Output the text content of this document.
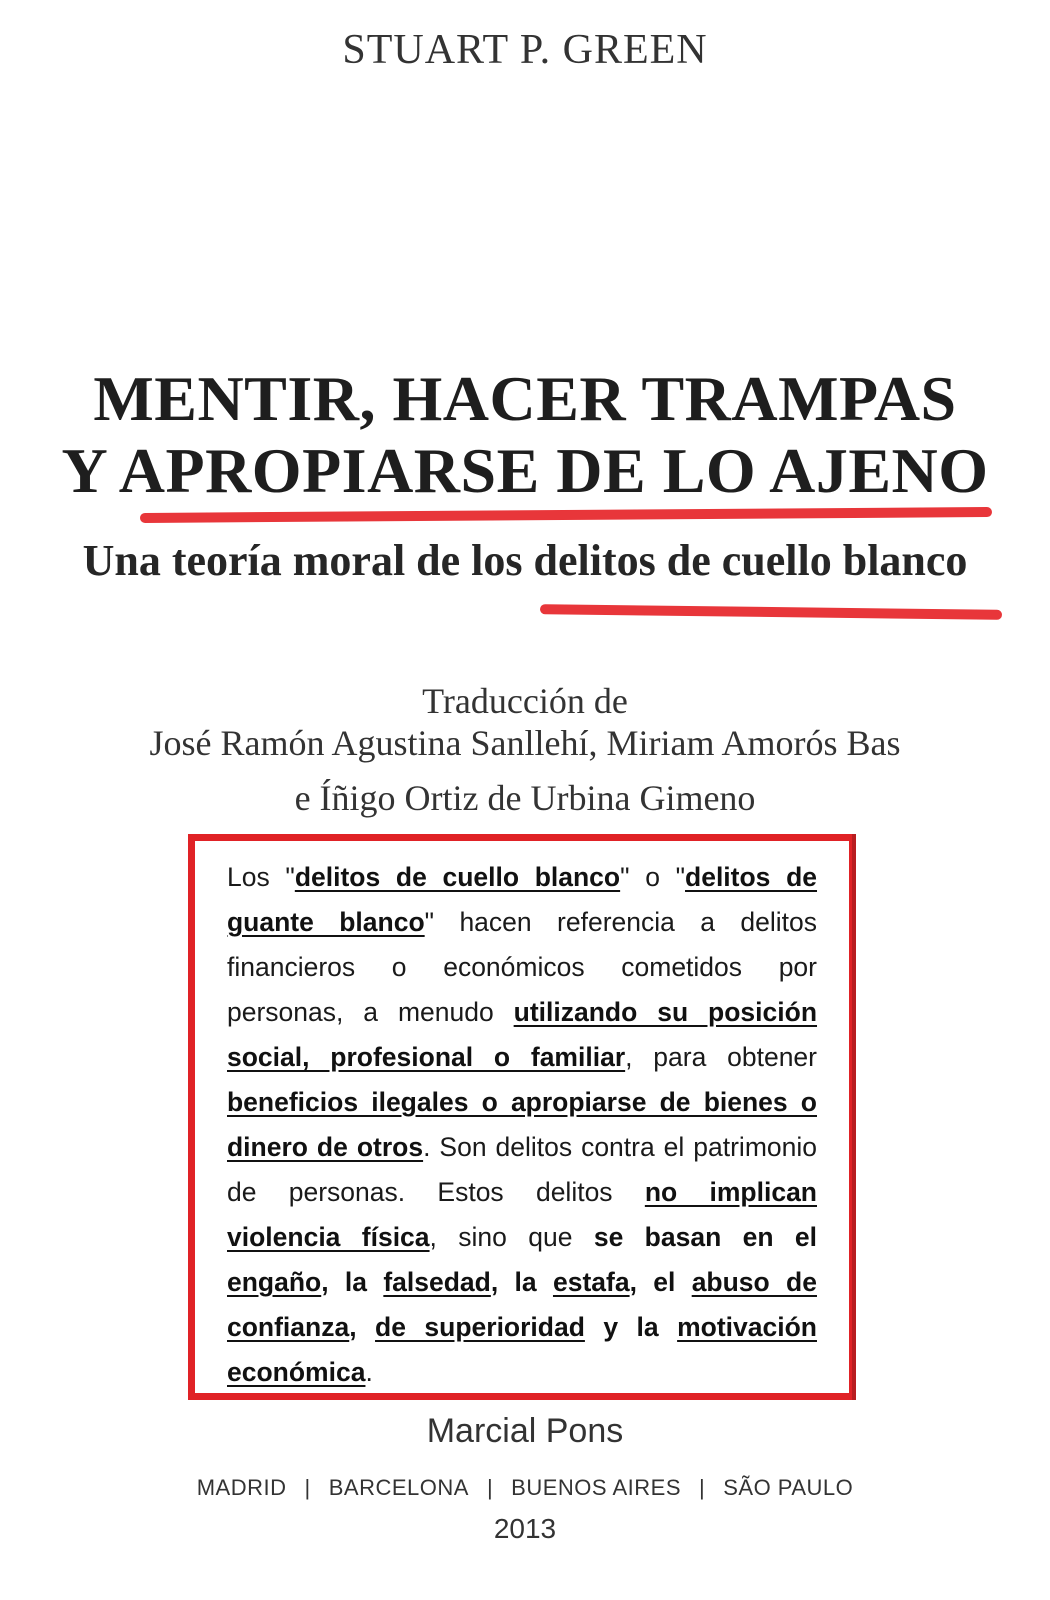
STUART P. GREEN
MENTIR, HACER TRAMPAS
Y APROPIARSE DE LO AJENO
Una teoría moral de los delitos de cuello blanco
Traducción de
José Ramón Agustina Sanllehí, Miriam Amorós Bas
e Íñigo Ortiz de Urbina Gimeno
Los "delitos de cuello blanco" o "delitos de guante blanco" hacen referencia a delitos financieros o económicos cometidos por personas, a menudo utilizando su posición social, profesional o familiar, para obtener beneficios ilegales o apropiarse de bienes o dinero de otros. Son delitos contra el patrimonio de personas. Estos delitos no implican violencia física, sino que se basan en el engaño, la falsedad, la estafa, el abuso de confianza, de superioridad y la motivación económica.
Marcial Pons
MADRID | BARCELONA | BUENOS AIRES | SÃO PAULO
2013
